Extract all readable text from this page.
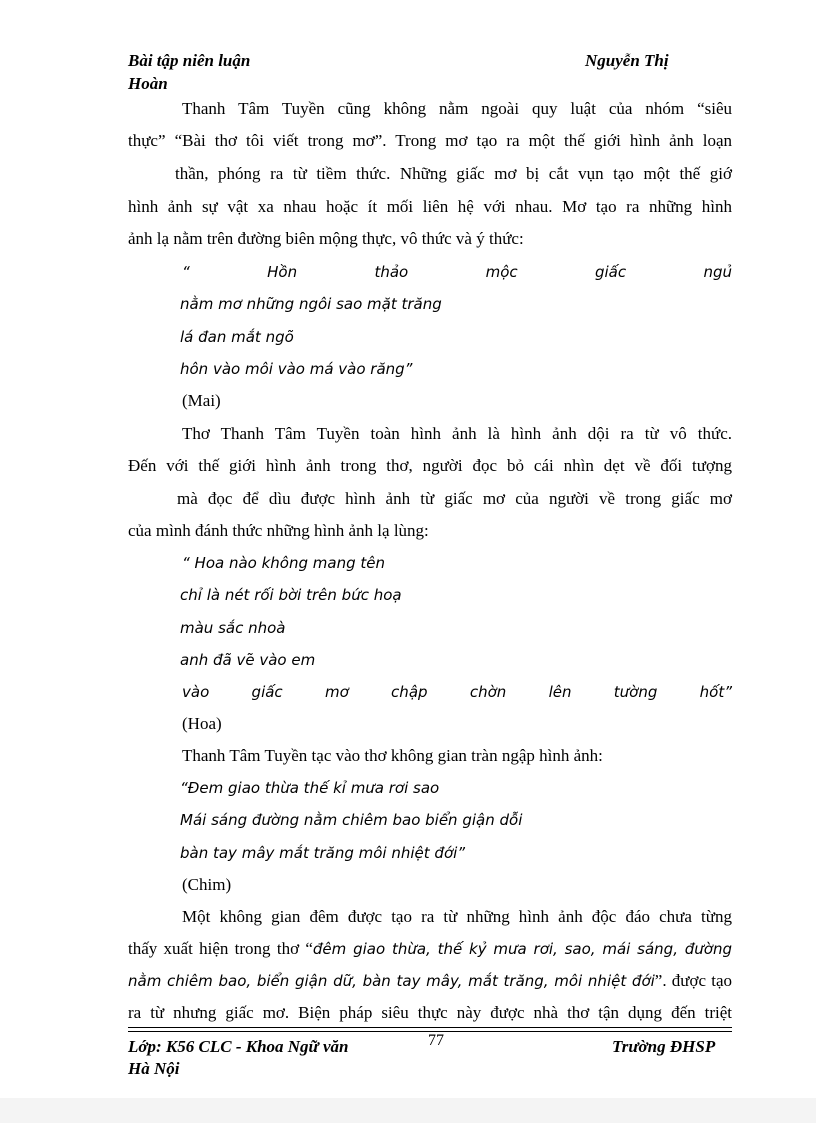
Bài tập niên luận	Nguyễn Thị
Hoàn
Thanh Tâm Tuyền cũng không nằm ngoài quy luật của nhóm “siêu
thực” “Bài thơ tôi viết trong mơ”. Trong mơ tạo ra một thế giới hình ảnh loạn
thần, phóng ra từ tiềm thức. Những giấc mơ bị cắt vụn tạo một thế giớ
hình ảnh sự vật xa nhau hoặc ít mối liên hệ với nhau. Mơ tạo ra những hình
ảnh lạ nằm trên đường biên mộng thực, vô thức và ý thức:
“ Hồn thảo mộc giấc ngủ
nằm mơ những ngôi sao mặt trăng
lá đan mắt ngõ
hôn vào môi vào má vào răng”
(Mai)
Thơ Thanh Tâm Tuyền toàn hình ảnh là hình ảnh dội ra từ vô thức.
Đến với thế giới hình ảnh trong thơ, người đọc bỏ cái nhìn dẹt về đối tượng
mà đọc để dìu được hình ảnh từ giấc mơ của người về trong giấc mơ
của mình đánh thức những hình ảnh lạ lùng:
“ Hoa nào không mang tên
chỉ là nét rối bời trên bức hoạ
màu sắc nhoà
anh đã vẽ vào em
vào giấc mơ chập chờn lên tường hốt”
(Hoa)
Thanh Tâm Tuyền tạc vào thơ không gian tràn ngập hình ảnh:
“Đem giao thừa thế kỉ mưa rơi sao
Mái sáng đường nằm chiêm bao biển giận dỗi
bàn tay mây mắt trăng môi nhiệt đới”
(Chim)
Một không gian đêm được tạo ra từ những hình ảnh độc đáo chưa từng
thấy xuất hiện trong thơ “đêm giao thừa, thế kỷ mưa rơi, sao, mái sáng, đường
nằm chiêm bao, biển giận dữ, bàn tay mây, mắt trăng, môi nhiệt đới”. được tạo
ra từ nhưng giấc mơ. Biện pháp siêu thực này được nhà thơ tận dụng đến triệt
Lớp: K56 CLC - Khoa Ngữ văn	77	Trường ĐHSP
Hà Nội
